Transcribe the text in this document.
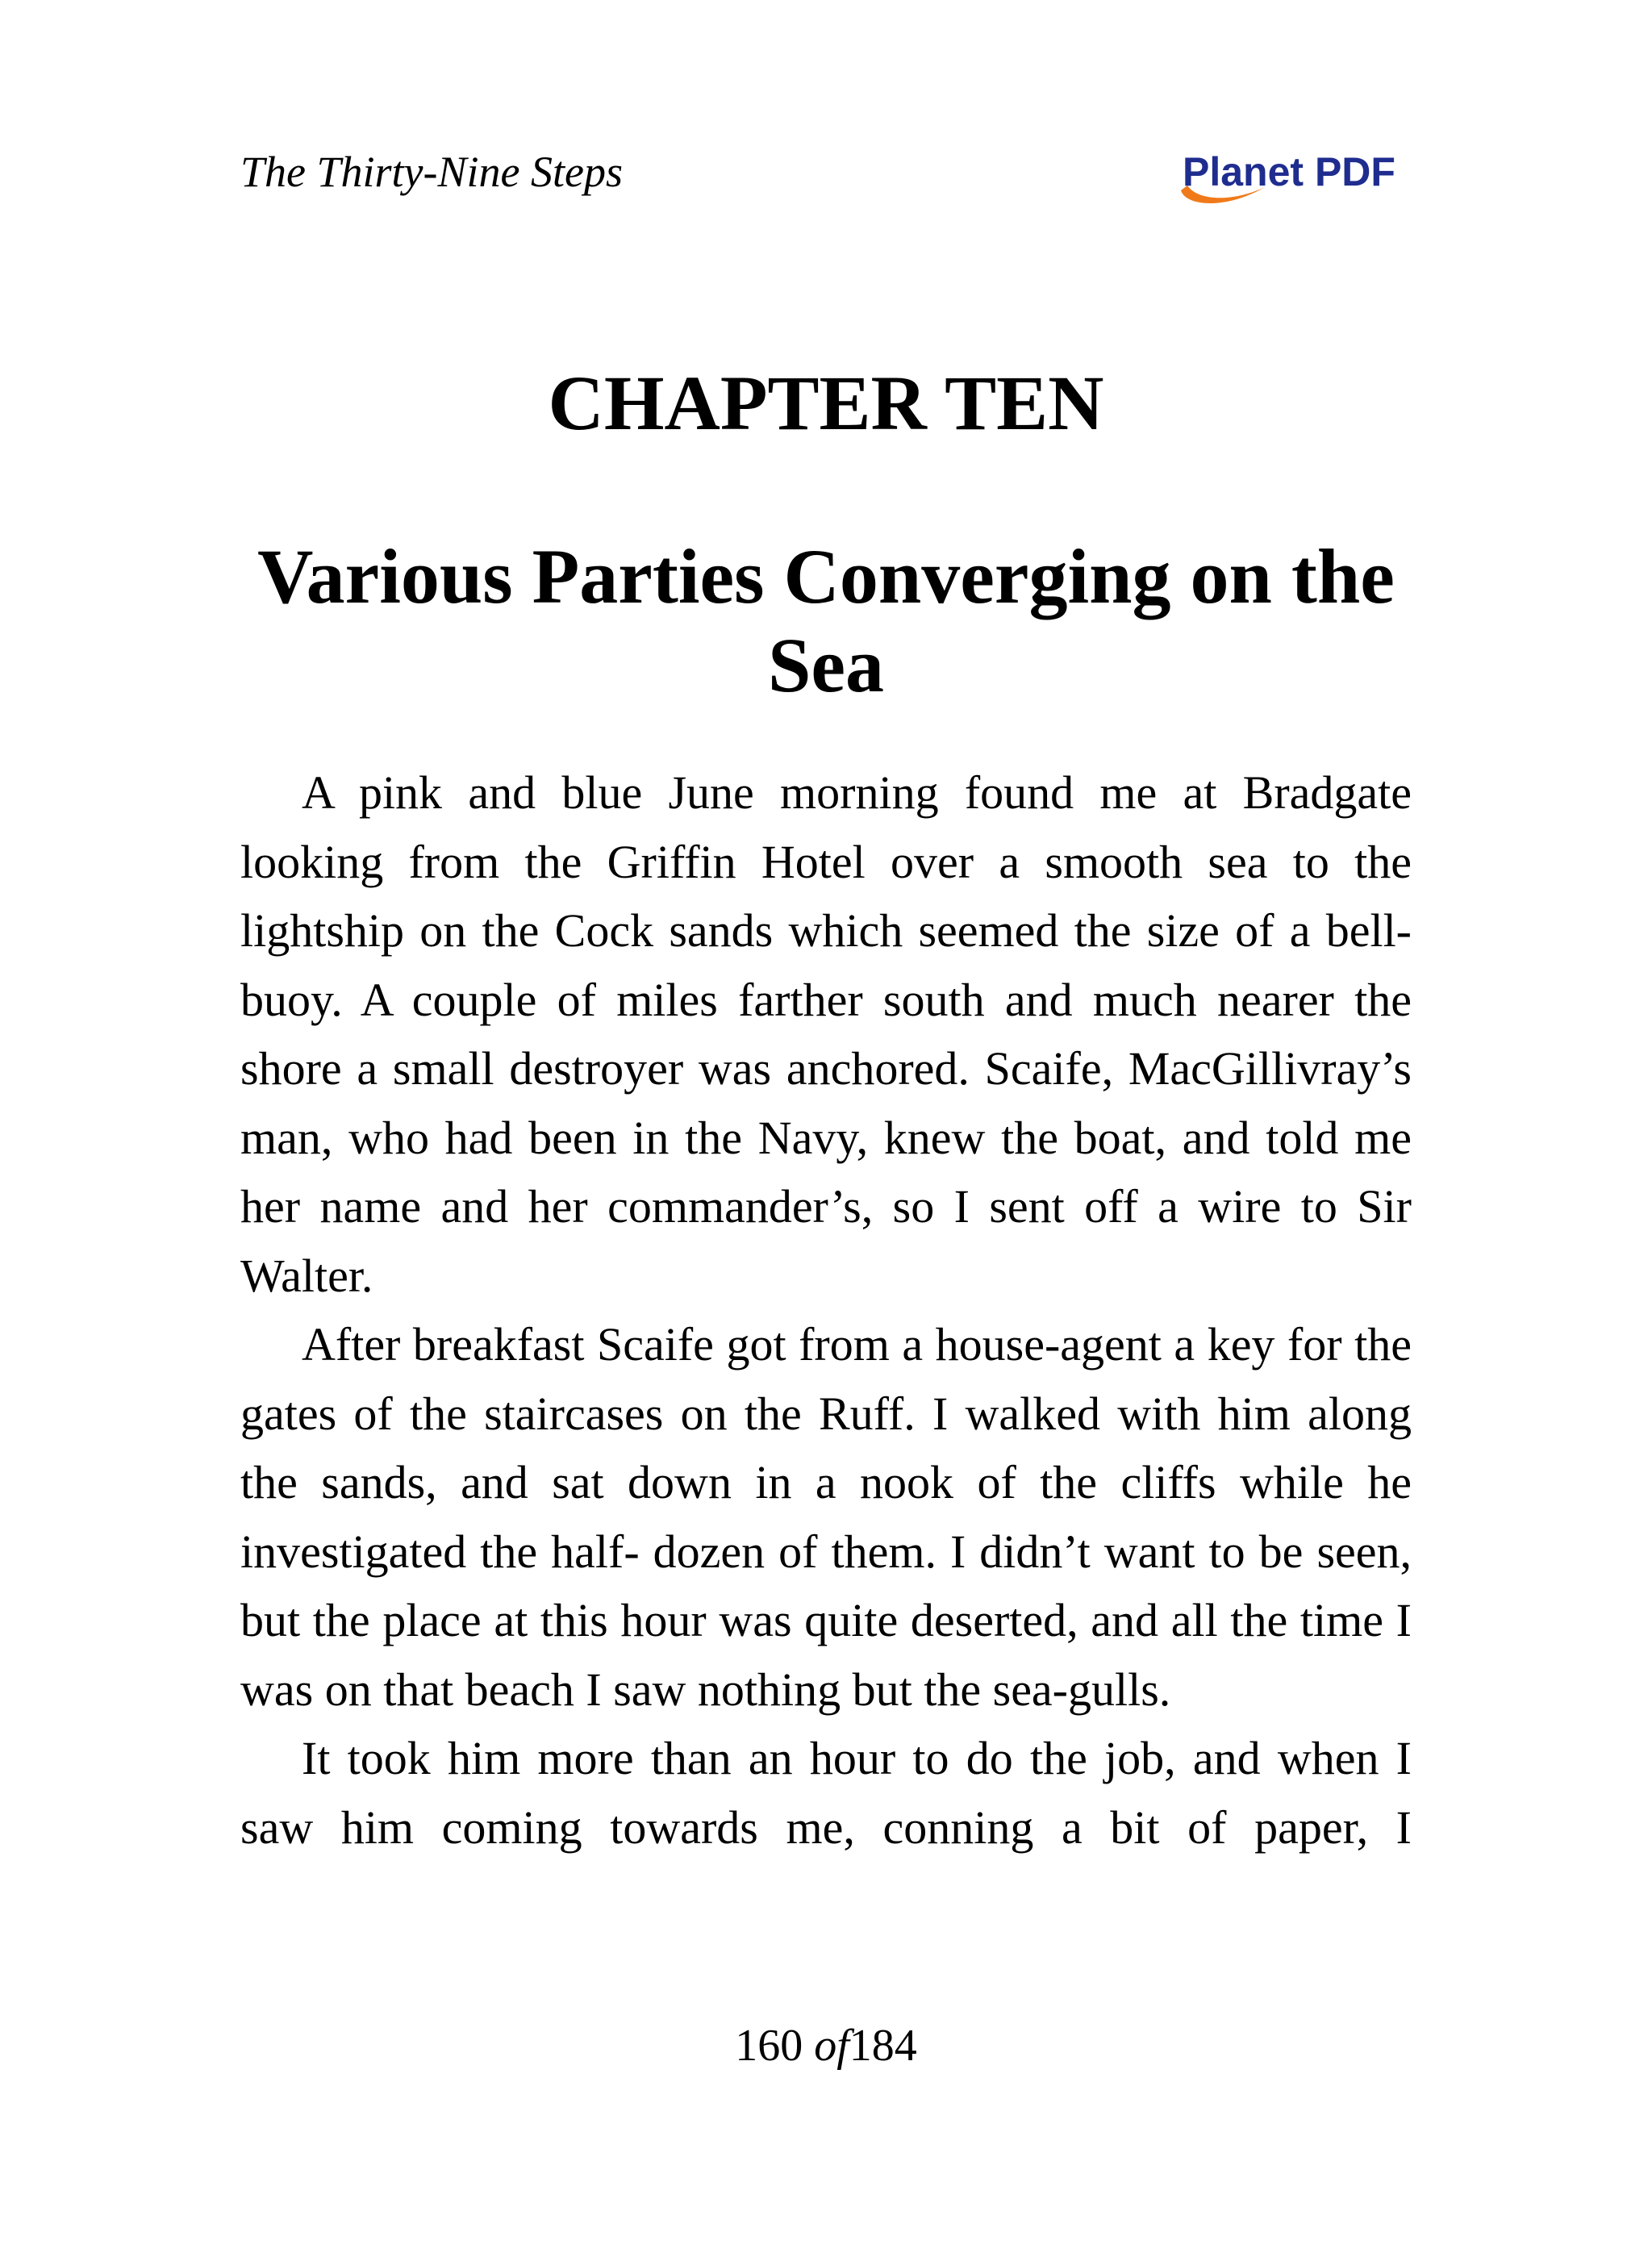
The Thirty-Nine Steps	Planet PDF
CHAPTER TEN
Various Parties Converging on the Sea

A pink and blue June morning found me at Bradgate looking from the Griffin Hotel over a smooth sea to the lightship on the Cock sands which seemed the size of a bell-buoy. A couple of miles farther south and much nearer the shore a small destroyer was anchored. Scaife, MacGillivray’s man, who had been in the Navy, knew the boat, and told me her name and her commander’s, so I sent off a wire to Sir Walter.

After breakfast Scaife got from a house-agent a key for the gates of the staircases on the Ruff. I walked with him along the sands, and sat down in a nook of the cliffs while he investigated the half- dozen of them. I didn’t want to be seen, but the place at this hour was quite deserted, and all the time I was on that beach I saw nothing but the sea-gulls.

It took him more than an hour to do the job, and when I saw him coming towards me, conning a bit of paper, I

160 of184
